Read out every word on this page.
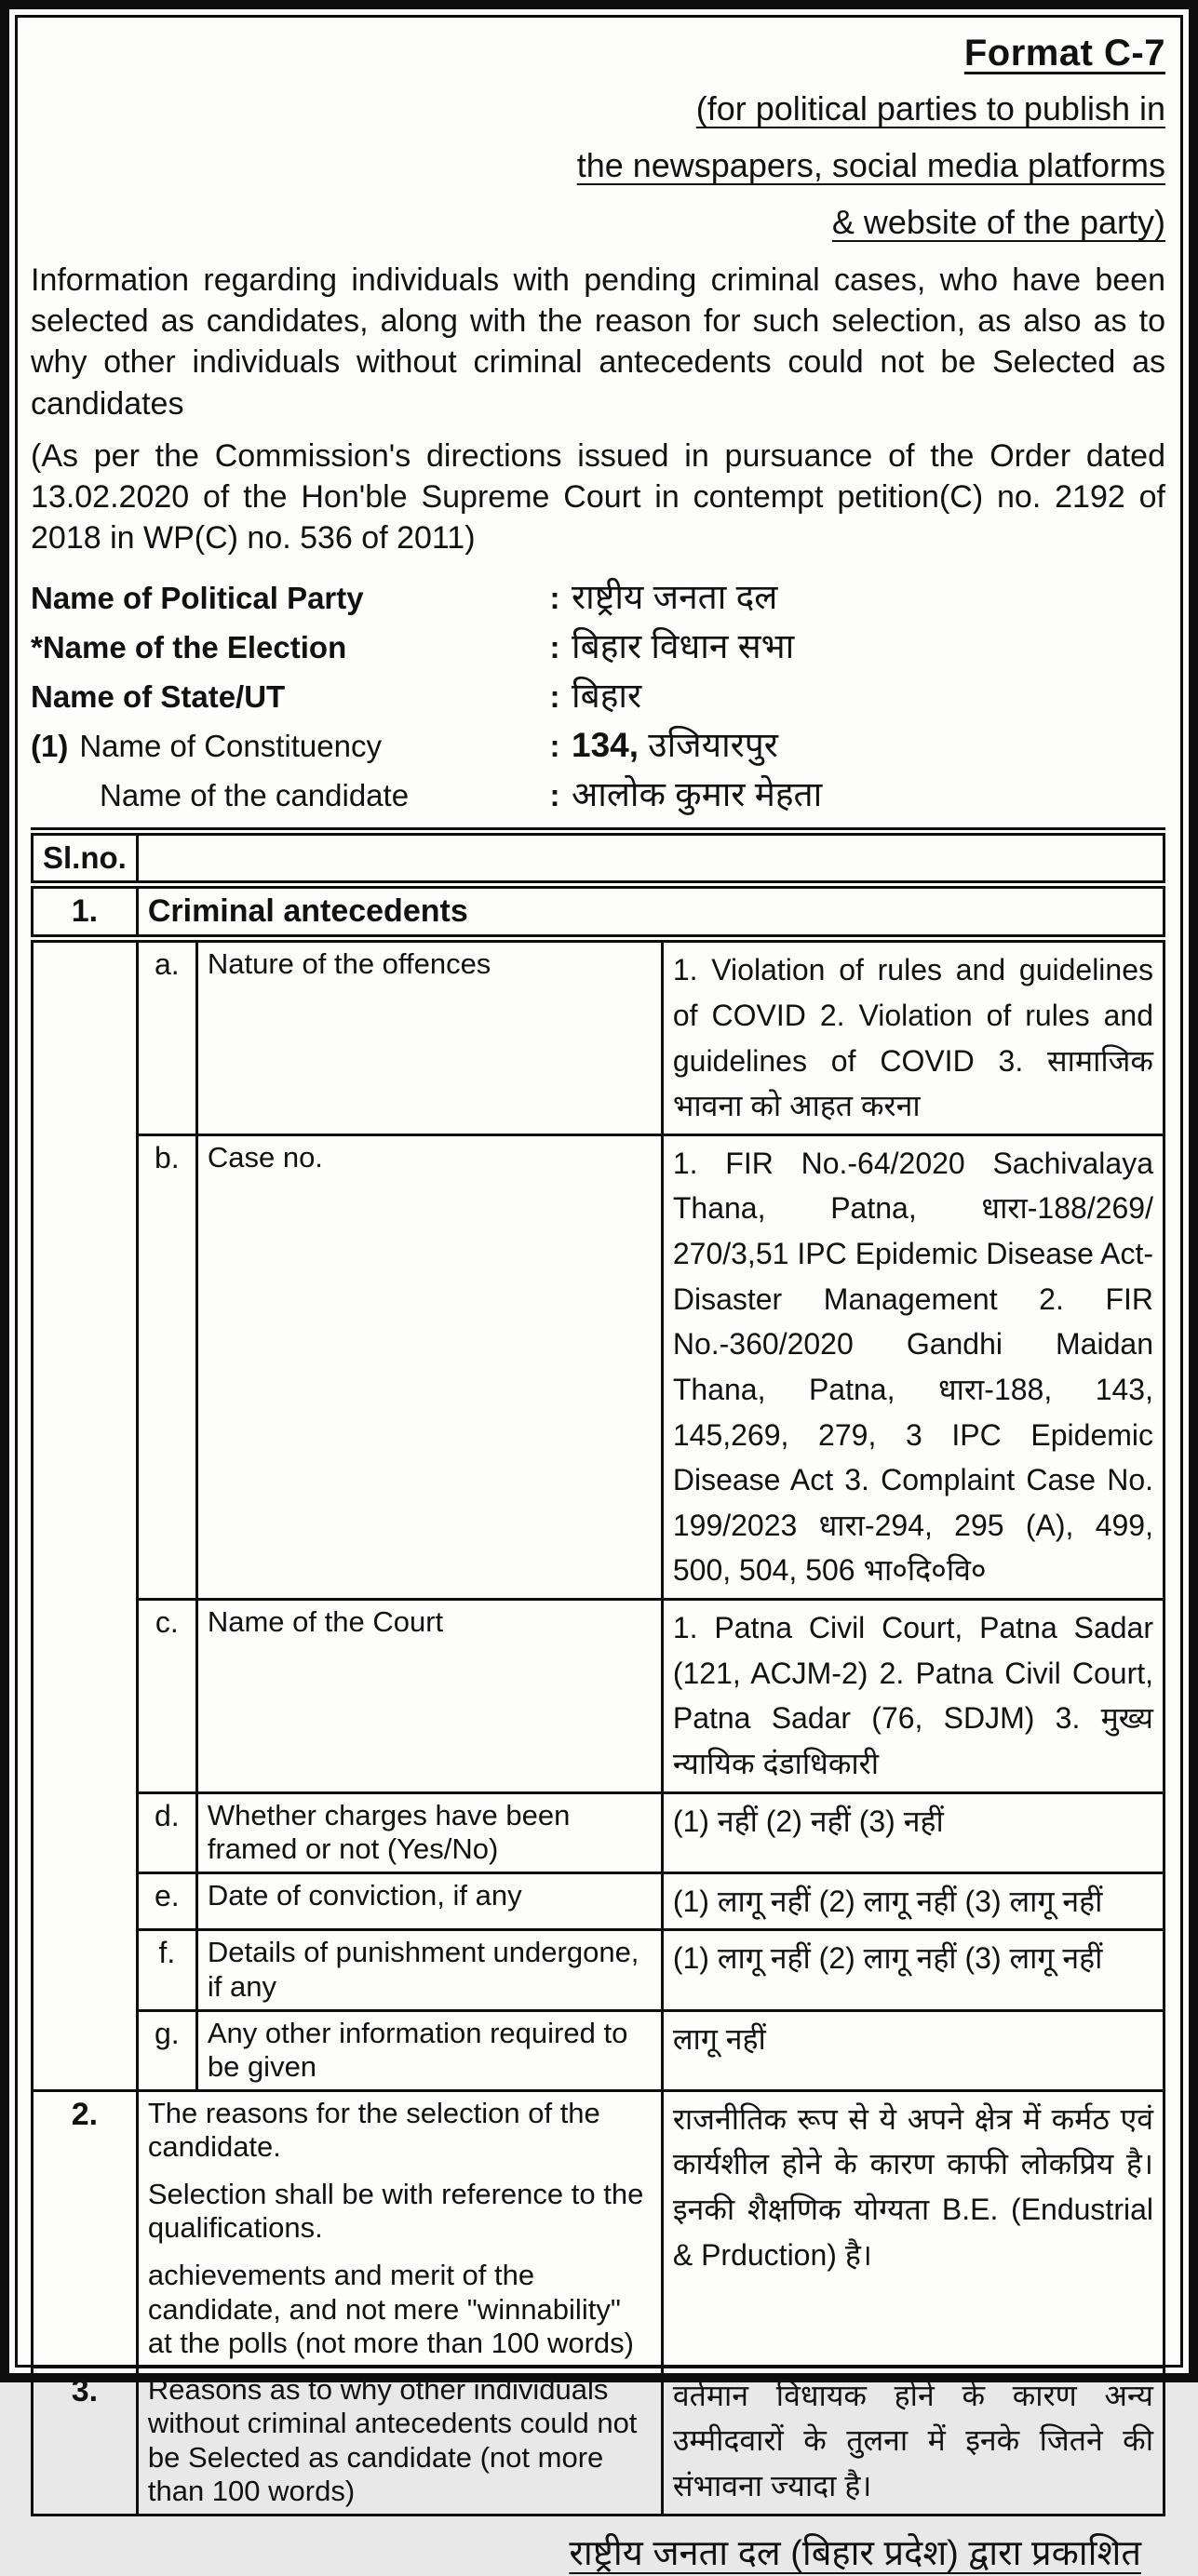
Format C-7
(for political parties to publish in
the newspapers, social media platforms
& website of the party)
Information regarding individuals with pending criminal cases, who have been selected as candidates, along with the reason for such selection, as also as to why other individuals without criminal antecedents could not be Selected as candidates
(As per the Commission's directions issued in pursuance of the Order dated 13.02.2020 of the Hon'ble Supreme Court in contempt petition(C) no. 2192 of 2018 in WP(C) no. 536 of 2011)
Name of Political Party	: राष्ट्रीय जनता दल
*Name of the Election	: बिहार विधान सभा
Name of State/UT	: बिहार
(1) Name of Constituency	: 134, उजियारपुर
Name of the candidate	: आलोक कुमार मेहता
Sl.no.			
1.	Criminal antecedents		
	a.	Nature of the offences	1. Violation of rules and guidelines of COVID 2. Violation of rules and guidelines of COVID 3. सामाजिक भावना को आहत करना
	b.	Case no.	1. FIR No.-64/2020 Sachivalaya Thana, Patna, धारा-188/269/ 270/3,51 IPC Epidemic Disease Act-Disaster Management 2. FIR No.-360/2020 Gandhi Maidan Thana, Patna, धारा-188, 143, 145,269, 279, 3 IPC Epidemic Disease Act 3. Complaint Case No. 199/2023 धारा-294, 295 (A), 499, 500, 504, 506 भा०दि०वि०
	c.	Name of the Court	1. Patna Civil Court, Patna Sadar (121, ACJM-2) 2. Patna Civil Court, Patna Sadar (76, SDJM) 3. मुख्य न्यायिक दंडाधिकारी
	d.	Whether charges have been framed or not (Yes/No)	(1) नहीं (2) नहीं (3) नहीं
	e.	Date of conviction, if any	(1) लागू नहीं (2) लागू नहीं (3) लागू नहीं
	f.	Details of punishment undergone, if any	(1) लागू नहीं (2) लागू नहीं (3) लागू नहीं
	g.	Any other information required to be given	लागू नहीं
2.	The reasons for the selection of the candidate.

Selection shall be with reference to the qualifications.

achievements and merit of the candidate, and not mere "winnability" at the polls (not more than 100 words)		राजनीतिक रूप से ये अपने क्षेत्र में कर्मठ एवं कार्यशील होने के कारण काफी लोकप्रिय है। इनकी शैक्षणिक योग्यता B.E. (Endustrial & Prduction) है।
3.	Reasons as to why other individuals without criminal antecedents could not be Selected as candidate (not more than 100 words)		वर्तमान विधायक होने के कारण अन्य उम्मीदवारों के तुलना में इनके जितने की संभावना ज्यादा है।
राष्ट्रीय जनता दल (बिहार प्रदेश) द्वारा प्रकाशित
